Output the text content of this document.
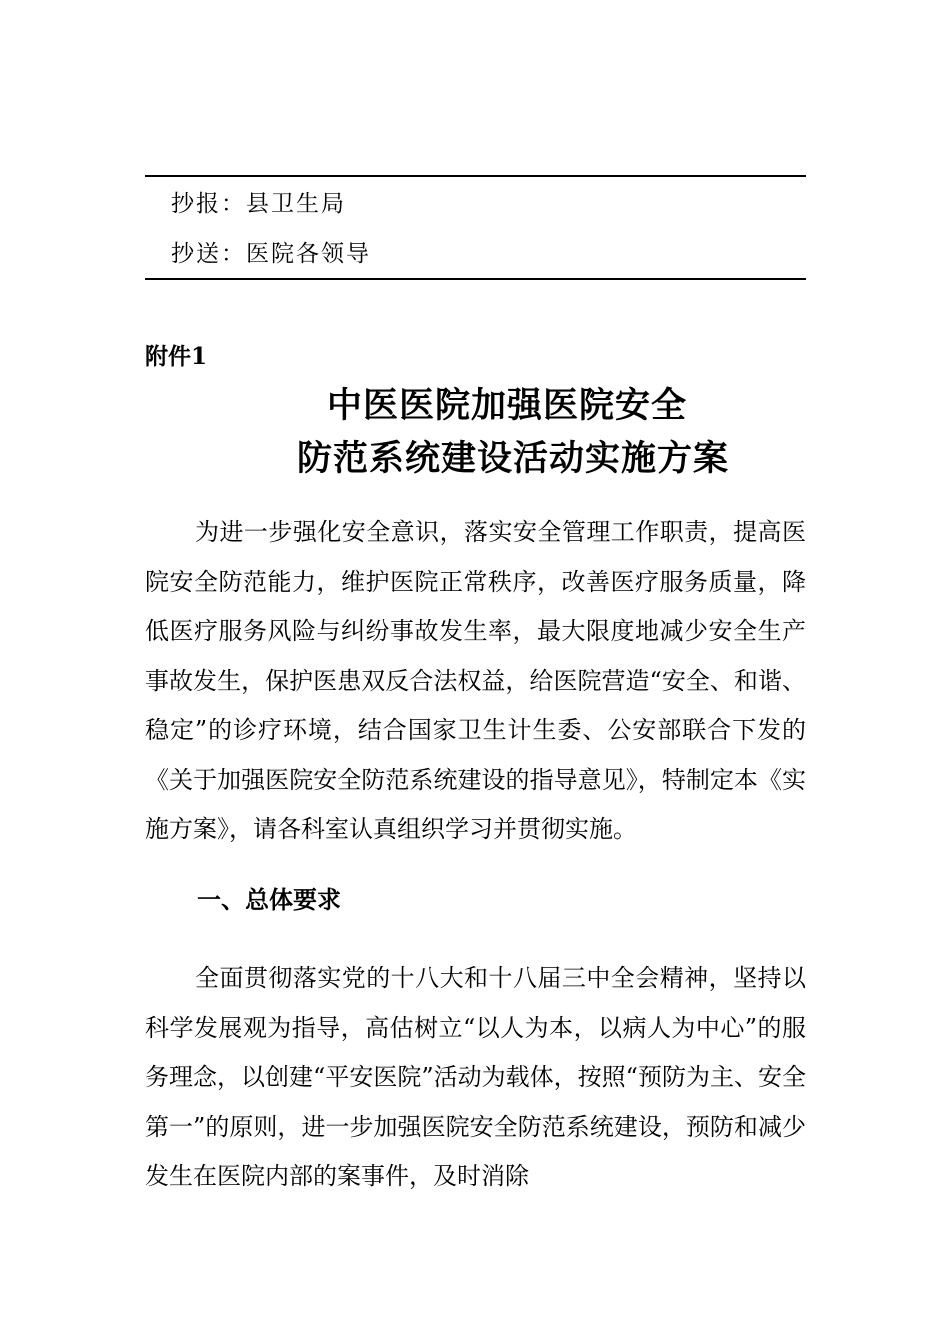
抄报：县卫生局
抄送：医院各领导
附件1
中医医院加强医院安全
防范系统建设活动实施方案
为进一步强化安全意识，落实安全管理工作职责，提高医院安全防范能力，维护医院正常秩序，改善医疗服务质量，降低医疗服务风险与纠纷事故发生率，最大限度地减少安全生产事故发生，保护医患双反合法权益，给医院营造“安全、和谐、稳定”的诊疗环境，结合国家卫生计生委、公安部联合下发的《关于加强医院安全防范系统建设的指导意见》，特制定本《实施方案》，请各科室认真组织学习并贯彻实施。
一、总体要求
全面贯彻落实党的十八大和十八届三中全会精神，坚持以科学发展观为指导，高估树立“以人为本，以病人为中心”的服务理念，以创建“平安医院”活动为载体，按照“预防为主、安全第一”的原则，进一步加强医院安全防范系统建设，预防和减少发生在医院内部的案事件，及时消除
